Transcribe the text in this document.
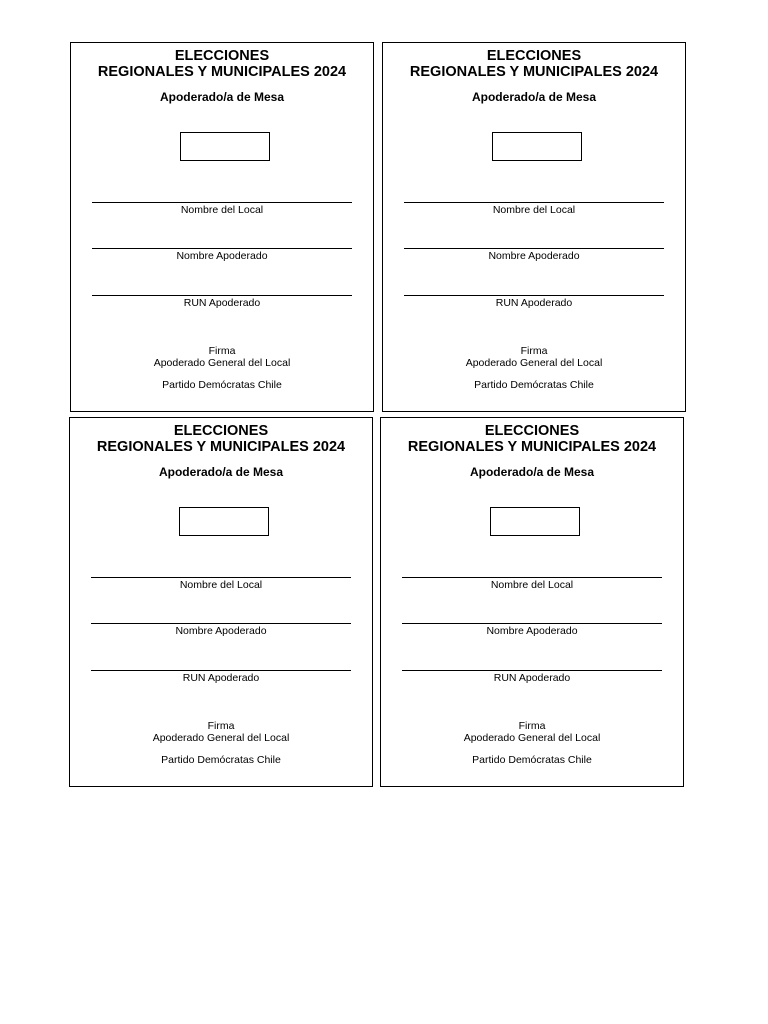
ELECCIONES
REGIONALES Y MUNICIPALES 2024
Apoderado/a de Mesa
Nombre del Local
Nombre Apoderado
RUN Apoderado
Firma
Apoderado General del Local
Partido Demócratas Chile
ELECCIONES
REGIONALES Y MUNICIPALES 2024
Apoderado/a de Mesa
Nombre del Local
Nombre Apoderado
RUN Apoderado
Firma
Apoderado General del Local
Partido Demócratas Chile
ELECCIONES
REGIONALES Y MUNICIPALES 2024
Apoderado/a de Mesa
Nombre del Local
Nombre Apoderado
RUN Apoderado
Firma
Apoderado General del Local
Partido Demócratas Chile
ELECCIONES
REGIONALES Y MUNICIPALES 2024
Apoderado/a de Mesa
Nombre del Local
Nombre Apoderado
RUN Apoderado
Firma
Apoderado General del Local
Partido Demócratas Chile
